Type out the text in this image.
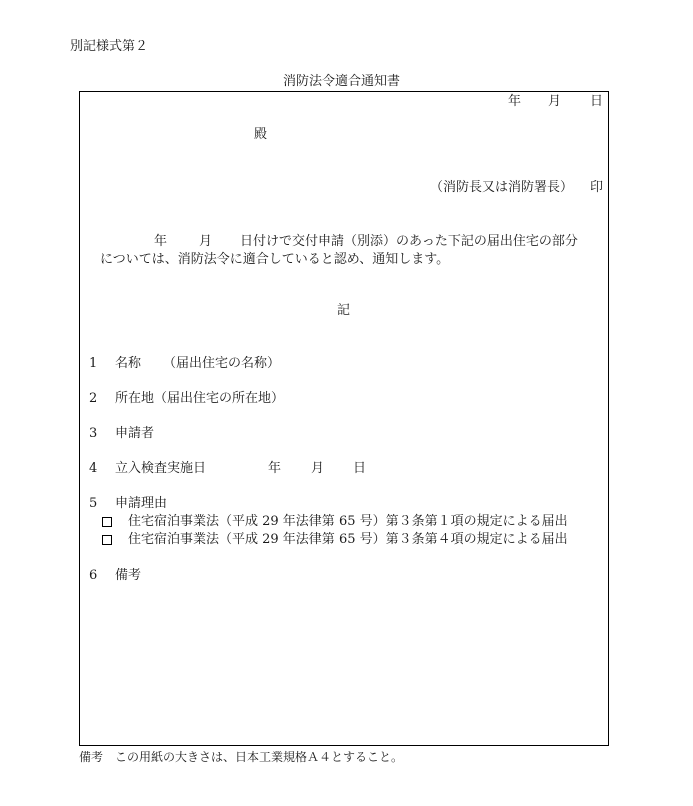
別記様式第２
消防法令適合通知書
年 月 日
殿
（消防長又は消防署長） 印
年 月 日付けで交付申請（別添）のあった下記の届出住宅の部分
については、消防法令に適合していると認め、通知します。
記
1 名称 （届出住宅の名称）
2 所在地（届出住宅の所在地）
3 申請者
4 立入検査実施日	年 月 日
5 申請理由
住宅宿泊事業法（平成 29 年法律第 65 号）第３条第１項の規定による届出
住宅宿泊事業法（平成 29 年法律第 65 号）第３条第４項の規定による届出
6 備考
備考　この用紙の大きさは、日本工業規格Ａ４とすること。
